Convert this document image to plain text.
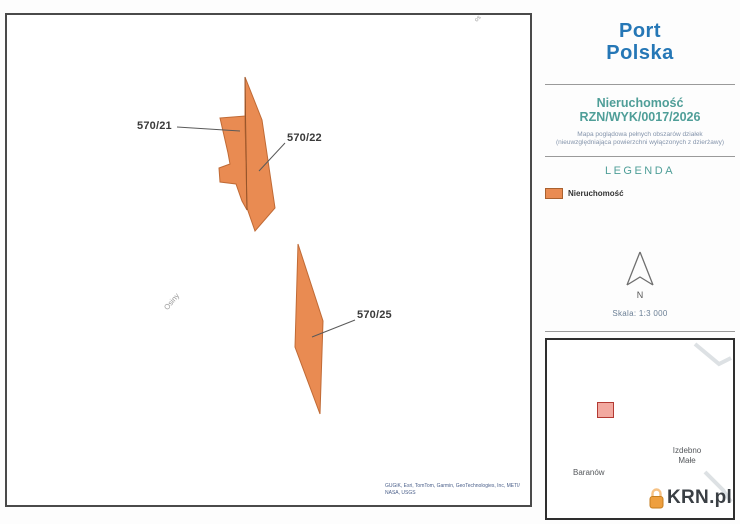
570/21
570/22
570/25
Osiny
os
GUGiK, Esri, TomTom, Garmin, GeoTechnologies, Inc, METI/
NASA, USGS
Port
Polska
Nieruchomość
RZN/WYK/0017/2026
Mapa poglądowa pełnych obszarów działek
(nieuwzględniająca powierzchni wyłączonych z dzierżawy)
LEGENDA
Nieruchomość
N
Skala: 1:3 000
Izdebno
Małe
Baranów
KRN.pl
